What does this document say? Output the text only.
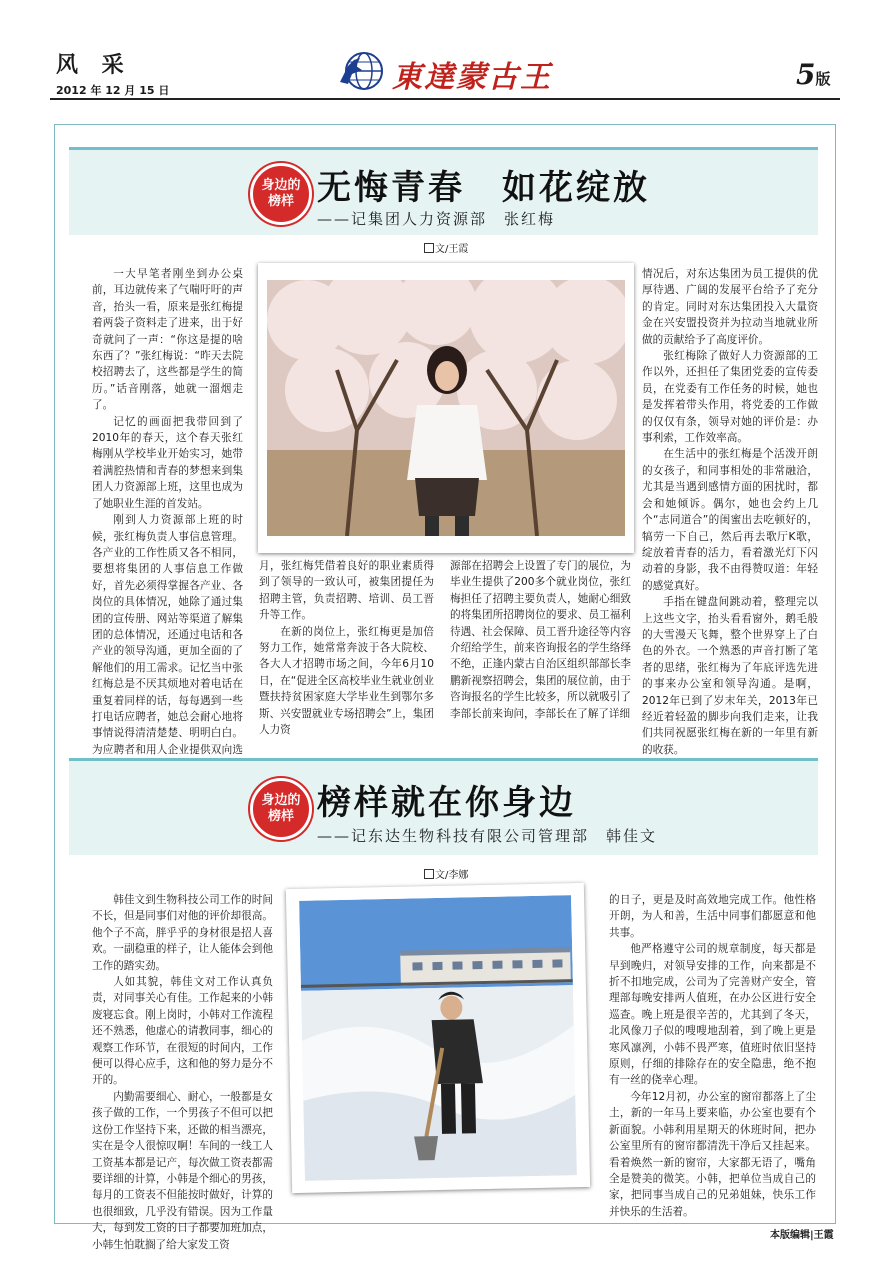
风 采
2012 年 12 月 15 日	東達蒙古王	5版
身边的
榜样 无悔青春　如花绽放
——记集团人力资源部　张红梅
文/王霞

一大早笔者刚坐到办公桌前，耳边就传来了气喘吁吁的声音，抬头一看，原来是张红梅提着两袋子资料走了进来，出于好奇就问了一声：“你这是提的啥东西了？”张红梅说：“昨天去院校招聘去了，这些都是学生的简历。”话音刚落，她就一溜烟走了。

记忆的画面把我带回到了2010年的春天，这个春天张红梅刚从学校毕业开始实习，她带着满腔热情和青春的梦想来到集团人力资源部上班，这里也成为了她职业生涯的首发站。

刚到人力资源部上班的时候，张红梅负责人事信息管理。各产业的工作性质又各不相同，要想将集团的人事信息工作做好，首先必须得掌握各产业、各岗位的具体情况，她除了通过集团的宣传册、网站等渠道了解集团的总体情况，还通过电话和各产业的领导沟通，更加全面的了解他们的用工需求。记忆当中张红梅总是不厌其烦地对着电话在重复着同样的话，每每遇到一些打电话应聘者，她总会耐心地将事情说得清清楚楚、明明白白。为应聘者和用人企业提供双向选

月，张红梅凭借着良好的职业素质得到了领导的一致认可，被集团提任为招聘主管，负责招聘、培训、员工晋升等工作。

在新的岗位上，张红梅更是加倍努力工作，她常常奔波于各大院校、各大人才招聘市场之间，今年6月10日，在“促进全区高校毕业生就业创业暨扶持贫困家庭大学毕业生到鄂尔多斯、兴安盟就业专场招聘会”上，集团人力资

源部在招聘会上设置了专门的展位，为毕业生提供了200多个就业岗位，张红梅担任了招聘主要负责人，她耐心细致的将集团所招聘岗位的要求、员工福利待遇、社会保障、员工晋升途径等内容介绍给学生，前来咨询报名的学生络绎不绝，正逢内蒙古自治区组织部部长李鹏新视察招聘会，集团的展位前，由于咨询报名的学生比较多，所以就吸引了李部长前来询问，李部长在了解了详细

情况后，对东达集团为员工提供的优厚待遇、广阔的发展平台给予了充分的肯定。同时对东达集团投入大量资金在兴安盟投资并为拉动当地就业所做的贡献给予了高度评价。

张红梅除了做好人力资源部的工作以外，还担任了集团党委的宣传委员，在党委有工作任务的时候，她也是发挥着带头作用，将党委的工作做的仅仅有条，领导对她的评价是：办事利索，工作效率高。

在生活中的张红梅是个活泼开朗的女孩子，和同事相处的非常融洽，尤其是当遇到感情方面的困扰时，都会和她倾诉。偶尔，她也会约上几个“志同道合”的闺蜜出去吃顿好的，犒劳一下自己，然后再去歌厅K歌，绽放着青春的活力，看着激光灯下闪动着的身影，我不由得赞叹道：年轻的感觉真好。

手指在键盘间跳动着，整理完以上这些文字，抬头看看窗外，鹅毛般的大雪漫天飞舞，整个世界穿上了白色的外衣。一个熟悉的声音打断了笔者的思绪，张红梅为了年底评选先进的事来办公室和领导沟通。是啊，2012年已到了岁末年关，2013年已经近着轻盈的脚步向我们走来，让我们共同祝愿张红梅在新的一年里有新的收获。

身边的
榜样 榜样就在你身边
——记东达生物科技有限公司管理部　韩佳文
文/李娜

韩佳文到生物科技公司工作的时间不长，但是同事们对他的评价却很高。他个子不高，胖乎乎的身材很是招人喜欢。一副稳重的样子，让人能体会到他工作的踏实劲。

人如其貌，韩佳文对工作认真负责，对同事关心有佳。工作起来的小韩废寝忘食。刚上岗时，小韩对工作流程还不熟悉，他虚心的请教同事，细心的观察工作环节，在很短的时间内，工作便可以得心应手，这和他的努力是分不开的。

内勤需要细心、耐心，一般都是女孩子做的工作，一个男孩子不但可以把这份工作坚持下来，还做的相当漂亮，实在是令人很惊叹啊！车间的一线工人工资基本都是记产，每次做工资表都需要详细的计算，小韩是个细心的男孩，每月的工资表不但能按时做好，计算的也很细致，几乎没有错误。因为工作量大，每到发工资的日子都要加班加点，小韩生怕耽搁了给大家发工资

的日子，更是及时高效地完成工作。他性格开朗，为人和善，生活中同事们都愿意和他共事。

他严格遵守公司的规章制度，每天都是早到晚归，对领导安排的工作，向来都是不折不扣地完成，公司为了完善财产安全，管理部每晚安排两人值班，在办公区进行安全巡查。晚上班是很辛苦的，尤其到了冬天，北风像刀子似的嗖嗖地刮着，到了晚上更是寒风凛冽，小韩不畏严寒，值班时依旧坚持原则，仔细的排除存在的安全隐患，绝不抱有一丝的侥幸心理。

今年12月初，办公室的窗帘都落上了尘土，新的一年马上要来临，办公室也要有个新面貌。小韩利用星期天的休班时间，把办公室里所有的窗帘都清洗干净后又挂起来。看着焕然一新的窗帘，大家都无语了，嘴角全是赞美的微笑。小韩，把单位当成自己的家，把同事当成自己的兄弟姐妹，快乐工作并快乐的生活着。

本版编辑|王霞
